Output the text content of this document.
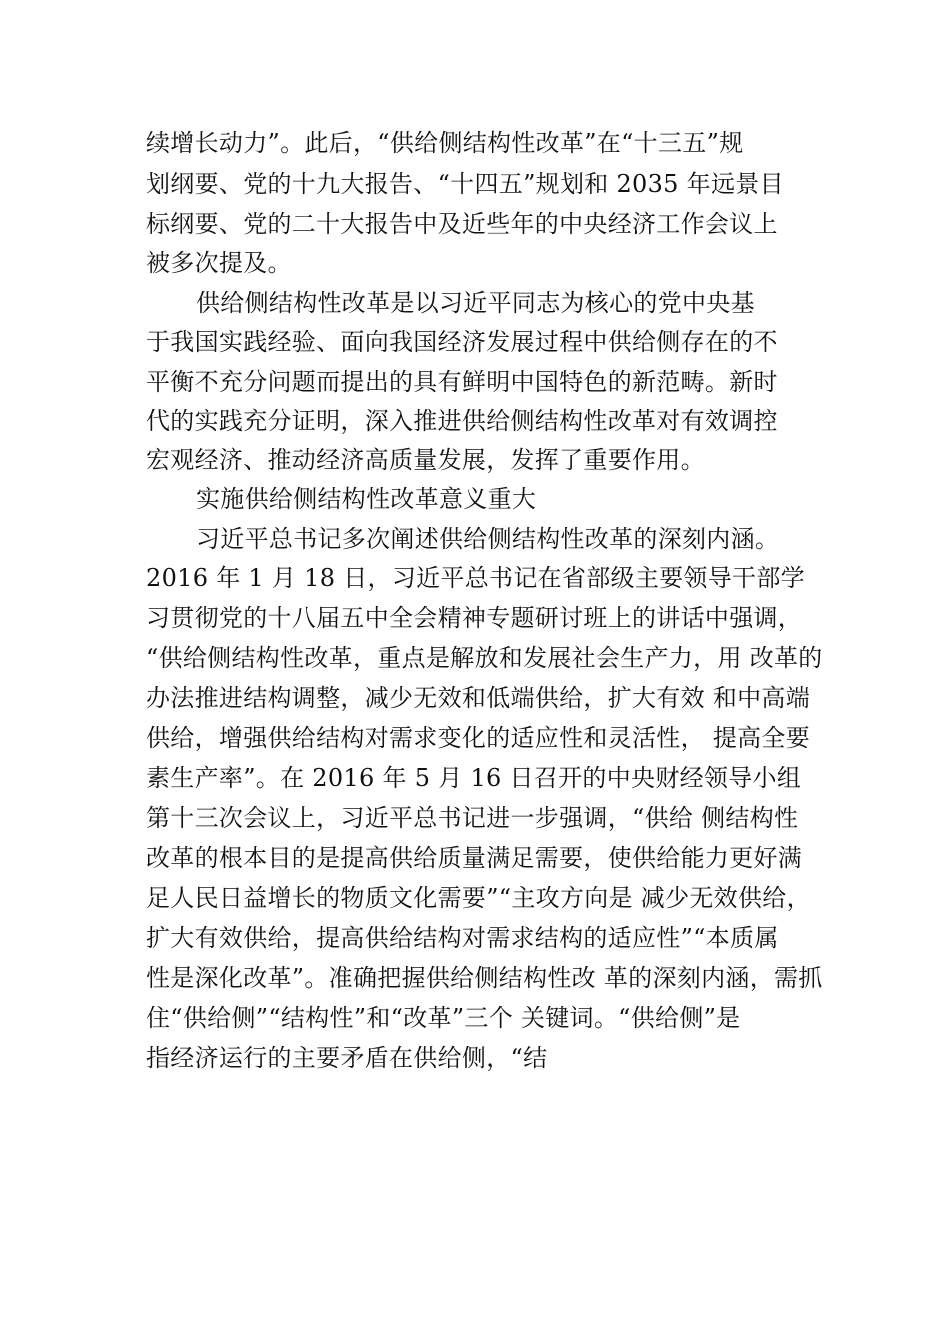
续增长动力”。此后，“供给侧结构性改革”在“十三五”规
划纲要、党的十九大报告、“十四五”规划和 2035 年远景目
标纲要、党的二十大报告中及近些年的中央经济工作会议上
被多次提及。
供给侧结构性改革是以习近平同志为核心的党中央基
于我国实践经验、面向我国经济发展过程中供给侧存在的不
平衡不充分问题而提出的具有鲜明中国特色的新范畴。新时
代的实践充分证明，深入推进供给侧结构性改革对有效调控
宏观经济、推动经济高质量发展，发挥了重要作用。
实施供给侧结构性改革意义重大
习近平总书记多次阐述供给侧结构性改革的深刻内涵。
2016 年 1 月 18 日，习近平总书记在省部级主要领导干部学
习贯彻党的十八届五中全会精神专题研讨班上的讲话中强调，
“供给侧结构性改革，重点是解放和发展社会生产力，用 改革的
办法推进结构调整，减少无效和低端供给，扩大有效 和中高端
供给，增强供给结构对需求变化的适应性和灵活性， 提高全要
素生产率”。在 2016 年 5 月 16 日召开的中央财经领导小组
第十三次会议上，习近平总书记进一步强调，“供给 侧结构性
改革的根本目的是提高供给质量满足需要，使供给能力更好满
足人民日益增长的物质文化需要”“主攻方向是 减少无效供给，
扩大有效供给，提高供给结构对需求结构的适应性”“本质属
性是深化改革”。准确把握供给侧结构性改 革的深刻内涵，需抓
住“供给侧”“结构性”和“改革”三个 关键词。“供给侧”是
指经济运行的主要矛盾在供给侧，“结
